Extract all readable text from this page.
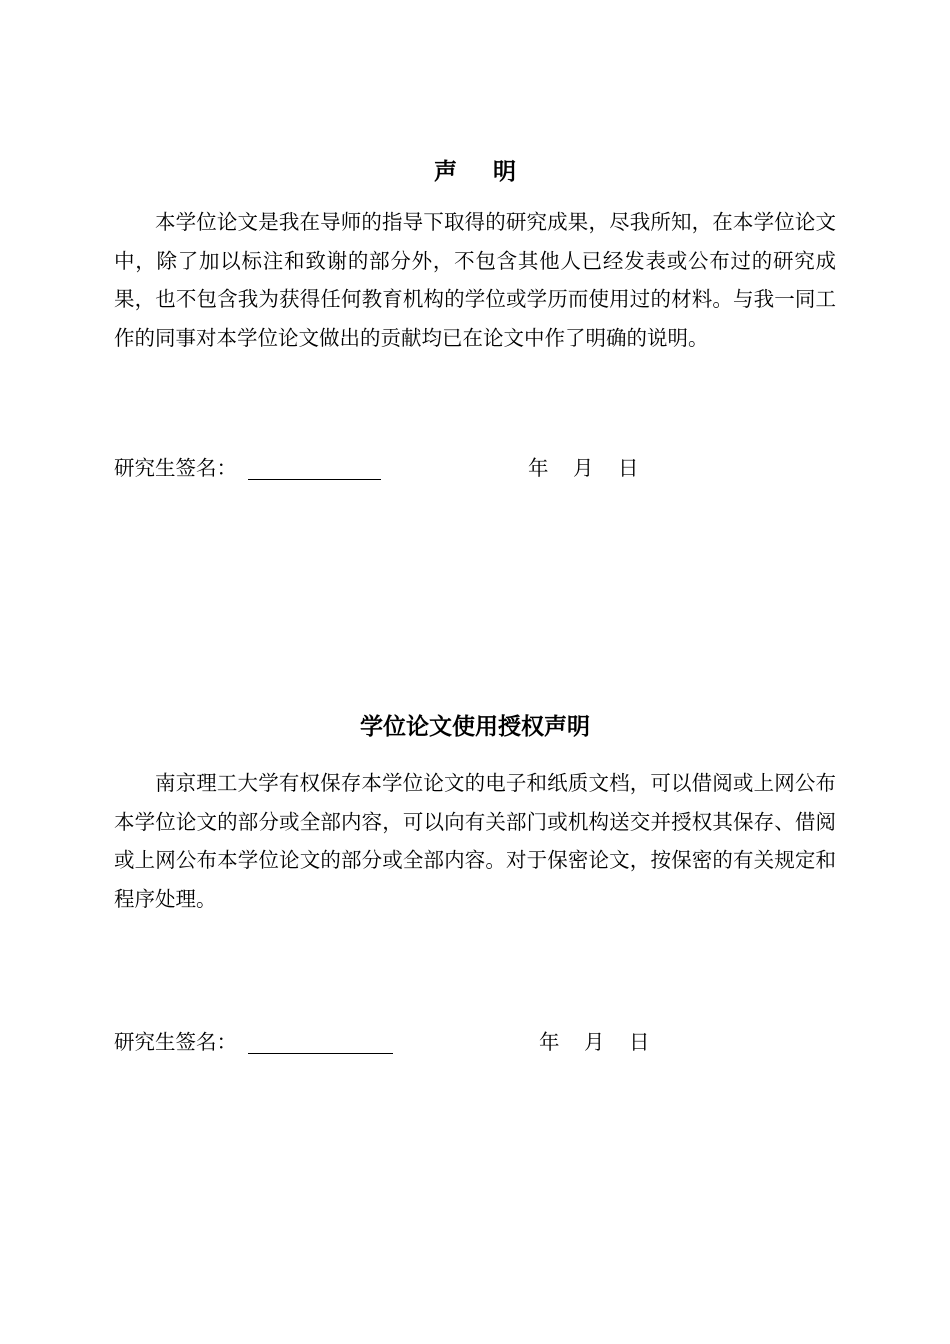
声 明

本学位论文是我在导师的指导下取得的研究成果，尽我所知，在本学位论文中，除了加以标注和致谢的部分外，不包含其他人已经发表或公布过的研究成果，也不包含我为获得任何教育机构的学位或学历而使用过的材料。与我一同工作的同事对本学位论文做出的贡献均已在论文中作了明确的说明。

研究生签名：	年 月 日
学位论文使用授权声明

南京理工大学有权保存本学位论文的电子和纸质文档，可以借阅或上网公布本学位论文的部分或全部内容，可以向有关部门或机构送交并授权其保存、借阅或上网公布本学位论文的部分或全部内容。对于保密论文，按保密的有关规定和程序处理。

研究生签名：	年 月 日
